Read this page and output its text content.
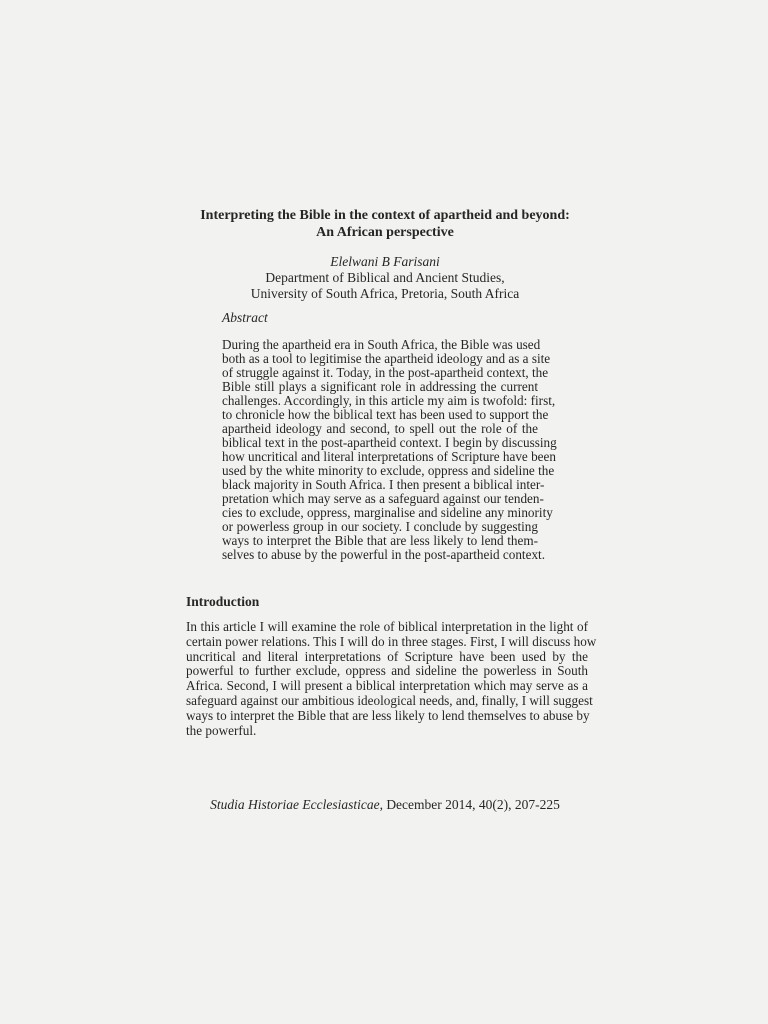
Interpreting the Bible in the context of apartheid and beyond:
An African perspective
Elelwani B Farisani
Department of Biblical and Ancient Studies,
University of South Africa, Pretoria, South Africa

Abstract

During the apartheid era in South Africa, the Bible was used
both as a tool to legitimise the apartheid ideology and as a site
of struggle against it. Today, in the post-apartheid context, the
Bible still plays a significant role in addressing the current
challenges. Accordingly, in this article my aim is twofold: first,
to chronicle how the biblical text has been used to support the
apartheid ideology and second, to spell out the role of the
biblical text in the post-apartheid context. I begin by discussing
how uncritical and literal interpretations of Scripture have been
used by the white minority to exclude, oppress and sideline the
black majority in South Africa. I then present a biblical inter-
pretation which may serve as a safeguard against our tenden-
cies to exclude, oppress, marginalise and sideline any minority
or powerless group in our society. I conclude by suggesting
ways to interpret the Bible that are less likely to lend them-
selves to abuse by the powerful in the post-apartheid context.
Introduction
In this article I will examine the role of biblical interpretation in the light of
certain power relations. This I will do in three stages. First, I will discuss how
uncritical and literal interpretations of Scripture have been used by the
powerful to further exclude, oppress and sideline the powerless in South
Africa. Second, I will present a biblical interpretation which may serve as a
safeguard against our ambitious ideological needs, and, finally, I will suggest
ways to interpret the Bible that are less likely to lend themselves to abuse by
the powerful.
Studia Historiae Ecclesiasticae, December 2014, 40(2), 207-225
